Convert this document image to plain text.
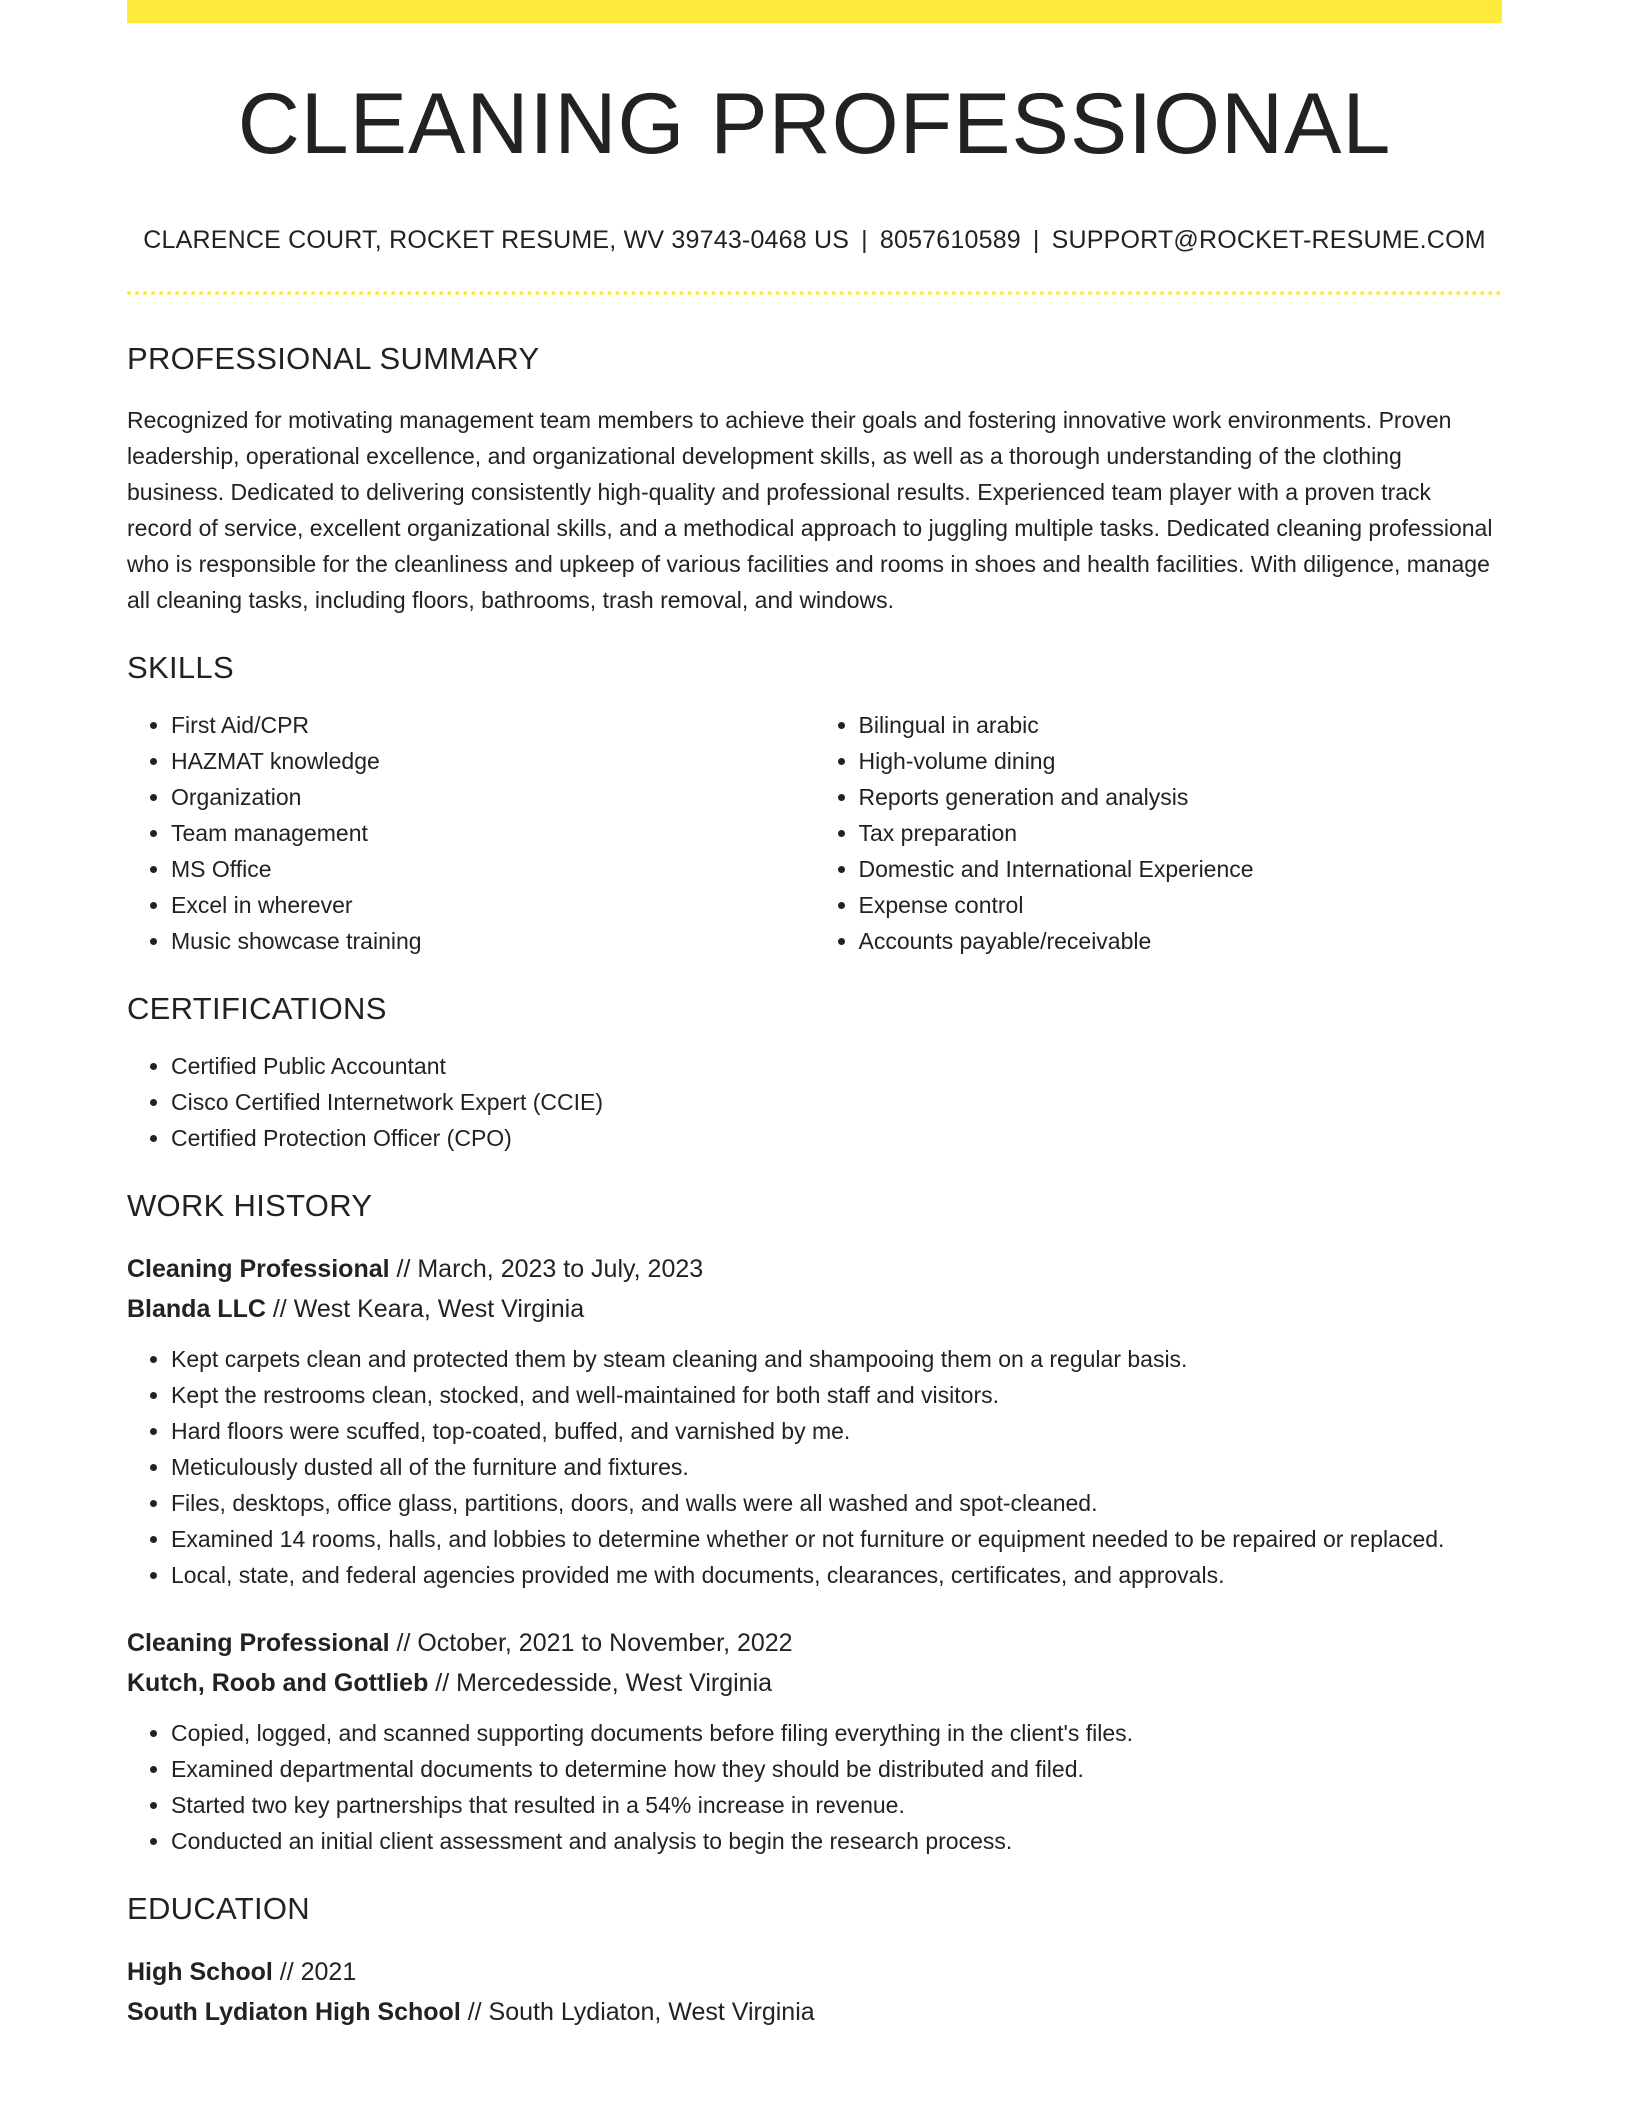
CLEANING PROFESSIONAL
CLARENCE COURT, ROCKET RESUME, WV 39743-0468 US | 8057610589 | SUPPORT@ROCKET-RESUME.COM
PROFESSIONAL SUMMARY
Recognized for motivating management team members to achieve their goals and fostering innovative work environments. Proven leadership, operational excellence, and organizational development skills, as well as a thorough understanding of the clothing business. Dedicated to delivering consistently high-quality and professional results. Experienced team player with a proven track record of service, excellent organizational skills, and a methodical approach to juggling multiple tasks. Dedicated cleaning professional who is responsible for the cleanliness and upkeep of various facilities and rooms in shoes and health facilities. With diligence, manage all cleaning tasks, including floors, bathrooms, trash removal, and windows.
SKILLS
• First Aid/CPR
• HAZMAT knowledge
• Organization
• Team management
• MS Office
• Excel in wherever
• Music showcase training
• Bilingual in arabic
• High-volume dining
• Reports generation and analysis
• Tax preparation
• Domestic and International Experience
• Expense control
• Accounts payable/receivable
CERTIFICATIONS
• Certified Public Accountant
• Cisco Certified Internetwork Expert (CCIE)
• Certified Protection Officer (CPO)
WORK HISTORY
Cleaning Professional // March, 2023 to July, 2023
Blanda LLC // West Keara, West Virginia
• Kept carpets clean and protected them by steam cleaning and shampooing them on a regular basis.
• Kept the restrooms clean, stocked, and well-maintained for both staff and visitors.
• Hard floors were scuffed, top-coated, buffed, and varnished by me.
• Meticulously dusted all of the furniture and fixtures.
• Files, desktops, office glass, partitions, doors, and walls were all washed and spot-cleaned.
• Examined 14 rooms, halls, and lobbies to determine whether or not furniture or equipment needed to be repaired or replaced.
• Local, state, and federal agencies provided me with documents, clearances, certificates, and approvals.
Cleaning Professional // October, 2021 to November, 2022
Kutch, Roob and Gottlieb // Mercedesside, West Virginia
• Copied, logged, and scanned supporting documents before filing everything in the client's files.
• Examined departmental documents to determine how they should be distributed and filed.
• Started two key partnerships that resulted in a 54% increase in revenue.
• Conducted an initial client assessment and analysis to begin the research process.
EDUCATION
High School // 2021
South Lydiaton High School // South Lydiaton, West Virginia
